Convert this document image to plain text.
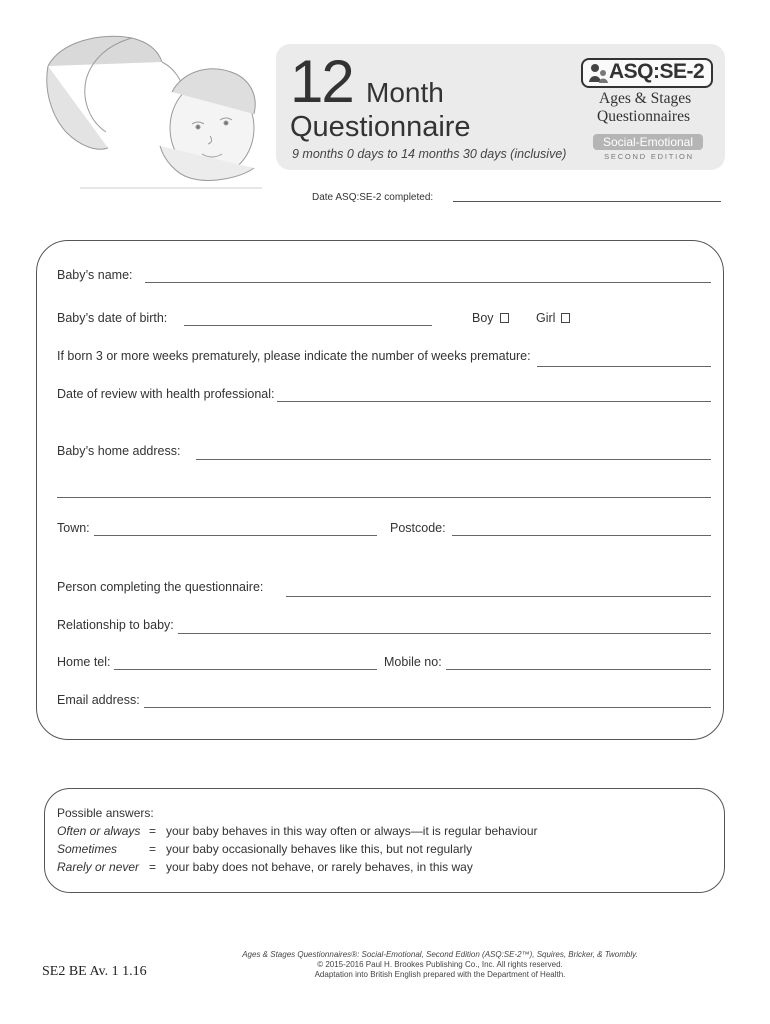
12 Month
Questionnaire
9 months 0 days to 14 months 30 days (inclusive)
ASQ:SE-2
Ages & Stages
Questionnaires
Social-Emotional
SECOND EDITION
Date ASQ:SE-2 completed:
Baby’s name:
Baby’s date of birth:	Boy	Girl
If born 3 or more weeks prematurely, please indicate the number of weeks premature:
Date of review with health professional:
Baby’s home address:
Town:	Postcode:
Person completing the questionnaire:
Relationship to baby:
Home tel:	Mobile no:
Email address:
Possible answers:
Often or always = your baby behaves in this way often or always—it is regular behaviour
Sometimes	= your baby occasionally behaves like this, but not regularly
Rarely or never = your baby does not behave, or rarely behaves, in this way
SE2 BE Av. 1 1.16
Ages & Stages Questionnaires®: Social-Emotional, Second Edition (ASQ:SE-2™), Squires, Bricker, & Twombly.
© 2015-2016 Paul H. Brookes Publishing Co., Inc. All rights reserved.
Adaptation into British English prepared with the Department of Health.
